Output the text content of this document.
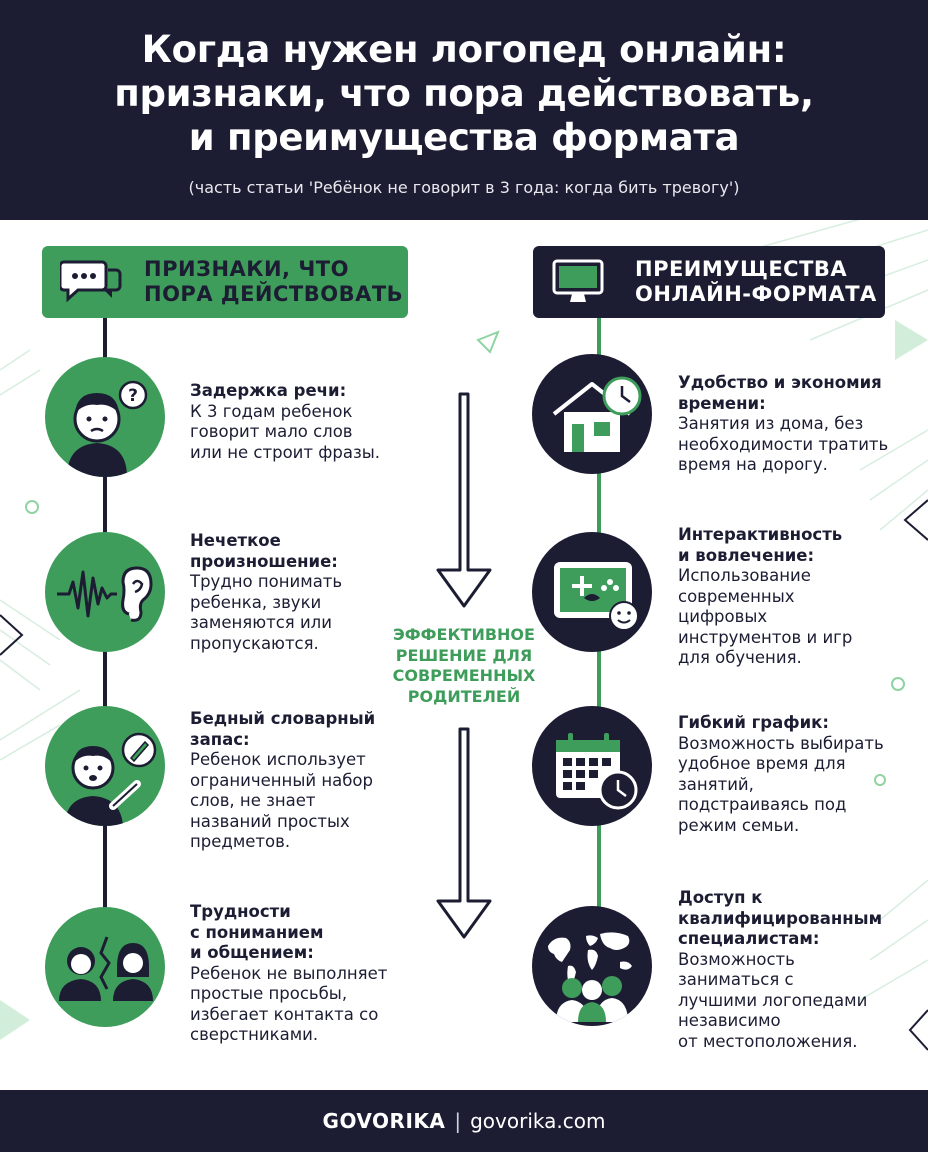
Когда нужен логопед онлайн:
признаки, что пора действовать,
и преимущества формата
(часть статьи 'Ребёнок не говорит в 3 года: когда бить тревогу')
ЭФФЕКТИВНОЕ
РЕШЕНИЕ ДЛЯ
СОВРЕМЕННЫХ
РОДИТЕЛЕЙ
ПРИЗНАКИ, ЧТО
ПОРА ДЕЙСТВОВАТЬ
?	Задержка речи:
К 3 годам ребенок
говорит мало слов
или не строит фразы.
Нечеткое
произношение:
Трудно понимать
ребенка, звуки
заменяются или
пропускаются.
Бедный словарный
запас:
Ребенок использует
ограниченный набор
слов, не знает
названий простых
предметов.
Трудности
с пониманием
и общением:
Ребенок не выполняет
простые просьбы,
избегает контакта со
сверстниками.
ПРЕИМУЩЕСТВА
ОНЛАЙН-ФОРМАТА
Удобство и экономия
времени:
Занятия из дома, без
необходимости тратить
время на дорогу.
Интерактивность
и вовлечение:
Использование
современных
цифровых
инструментов и игр
для обучения.
Гибкий график:
Возможность выбирать
удобное время для
занятий,
подстраиваясь под
режим семьи.
Доступ к
квалифицированным
специалистам:
Возможность
заниматься с
лучшими логопедами
независимо
от местоположения.
GOVORIKA | govorika.com
